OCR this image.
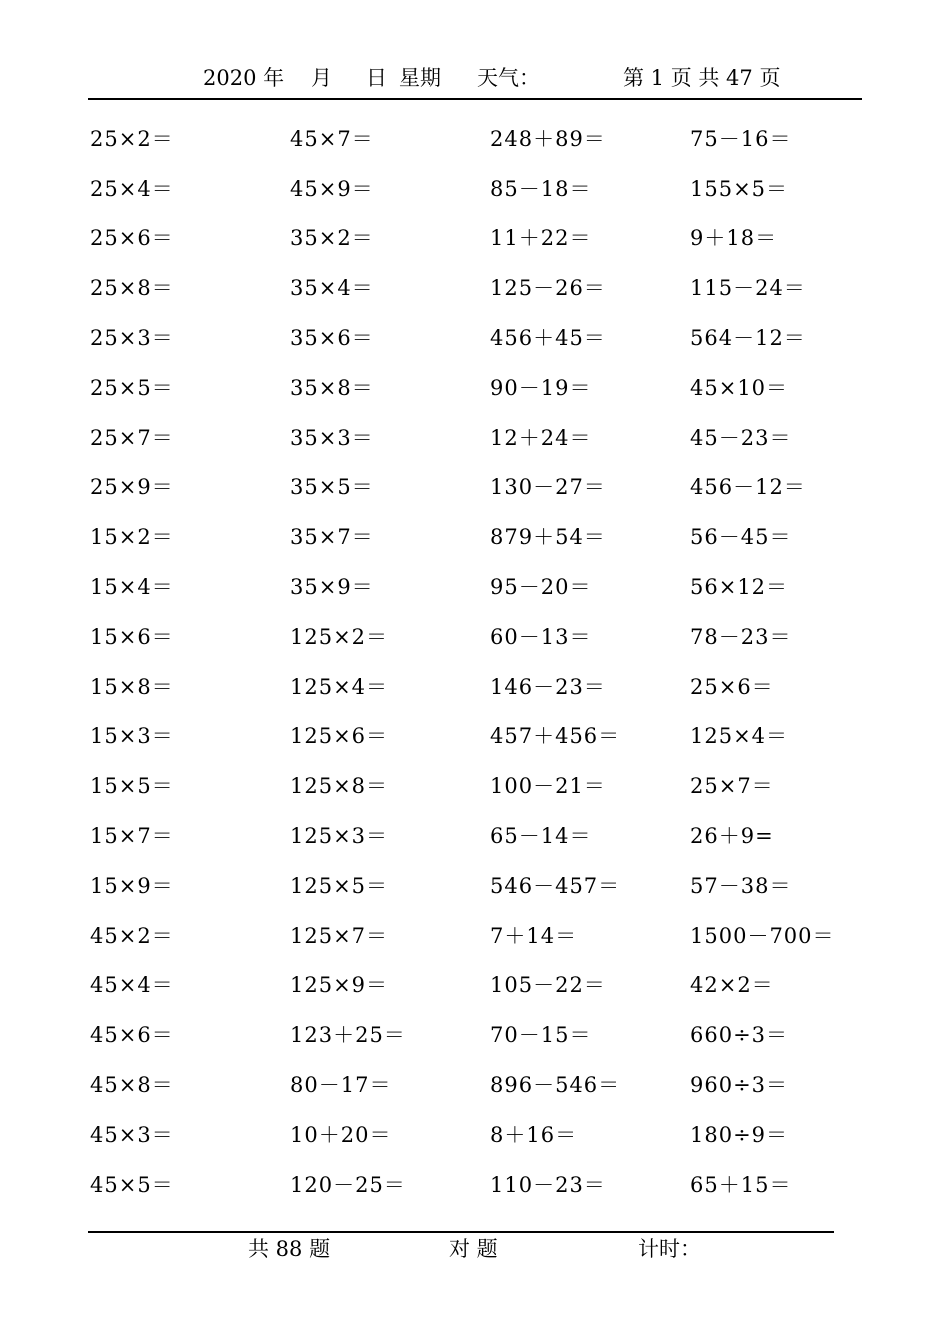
2020 年 月 日 星期 天气：	第 1 页 共 47 页
25×2＝	45×7＝	248＋89＝	75－16＝
25×4＝	45×9＝	85－18＝	155×5＝
25×6＝	35×2＝	11＋22＝	9＋18＝
25×8＝	35×4＝	125－26＝	115－24＝
25×3＝	35×6＝	456＋45＝	564－12＝
25×5＝	35×8＝	90－19＝	45×10＝
25×7＝	35×3＝	12＋24＝	45－23＝
25×9＝	35×5＝	130－27＝	456－12＝
15×2＝	35×7＝	879＋54＝	56－45＝
15×4＝	35×9＝	95－20＝	56×12＝
15×6＝	125×2＝	60－13＝	78－23＝
15×8＝	125×4＝	146－23＝	25×6＝
15×3＝	125×6＝	457＋456＝	125×4＝
15×5＝	125×8＝	100－21＝	25×7＝
15×7＝	125×3＝	65－14＝	26＋9=
15×9＝	125×5＝	546－457＝	57－38＝
45×2＝	125×7＝	7＋14＝	1500－700＝
45×4＝	125×9＝	105－22＝	42×2＝
45×6＝	123＋25＝	70－15＝	660÷3＝
45×8＝	80－17＝	896－546＝	960÷3＝
45×3＝	10＋20＝	8＋16＝	180÷9＝
45×5＝	120－25＝	110－23＝	65＋15＝
共 88 题	对 题	计时：
